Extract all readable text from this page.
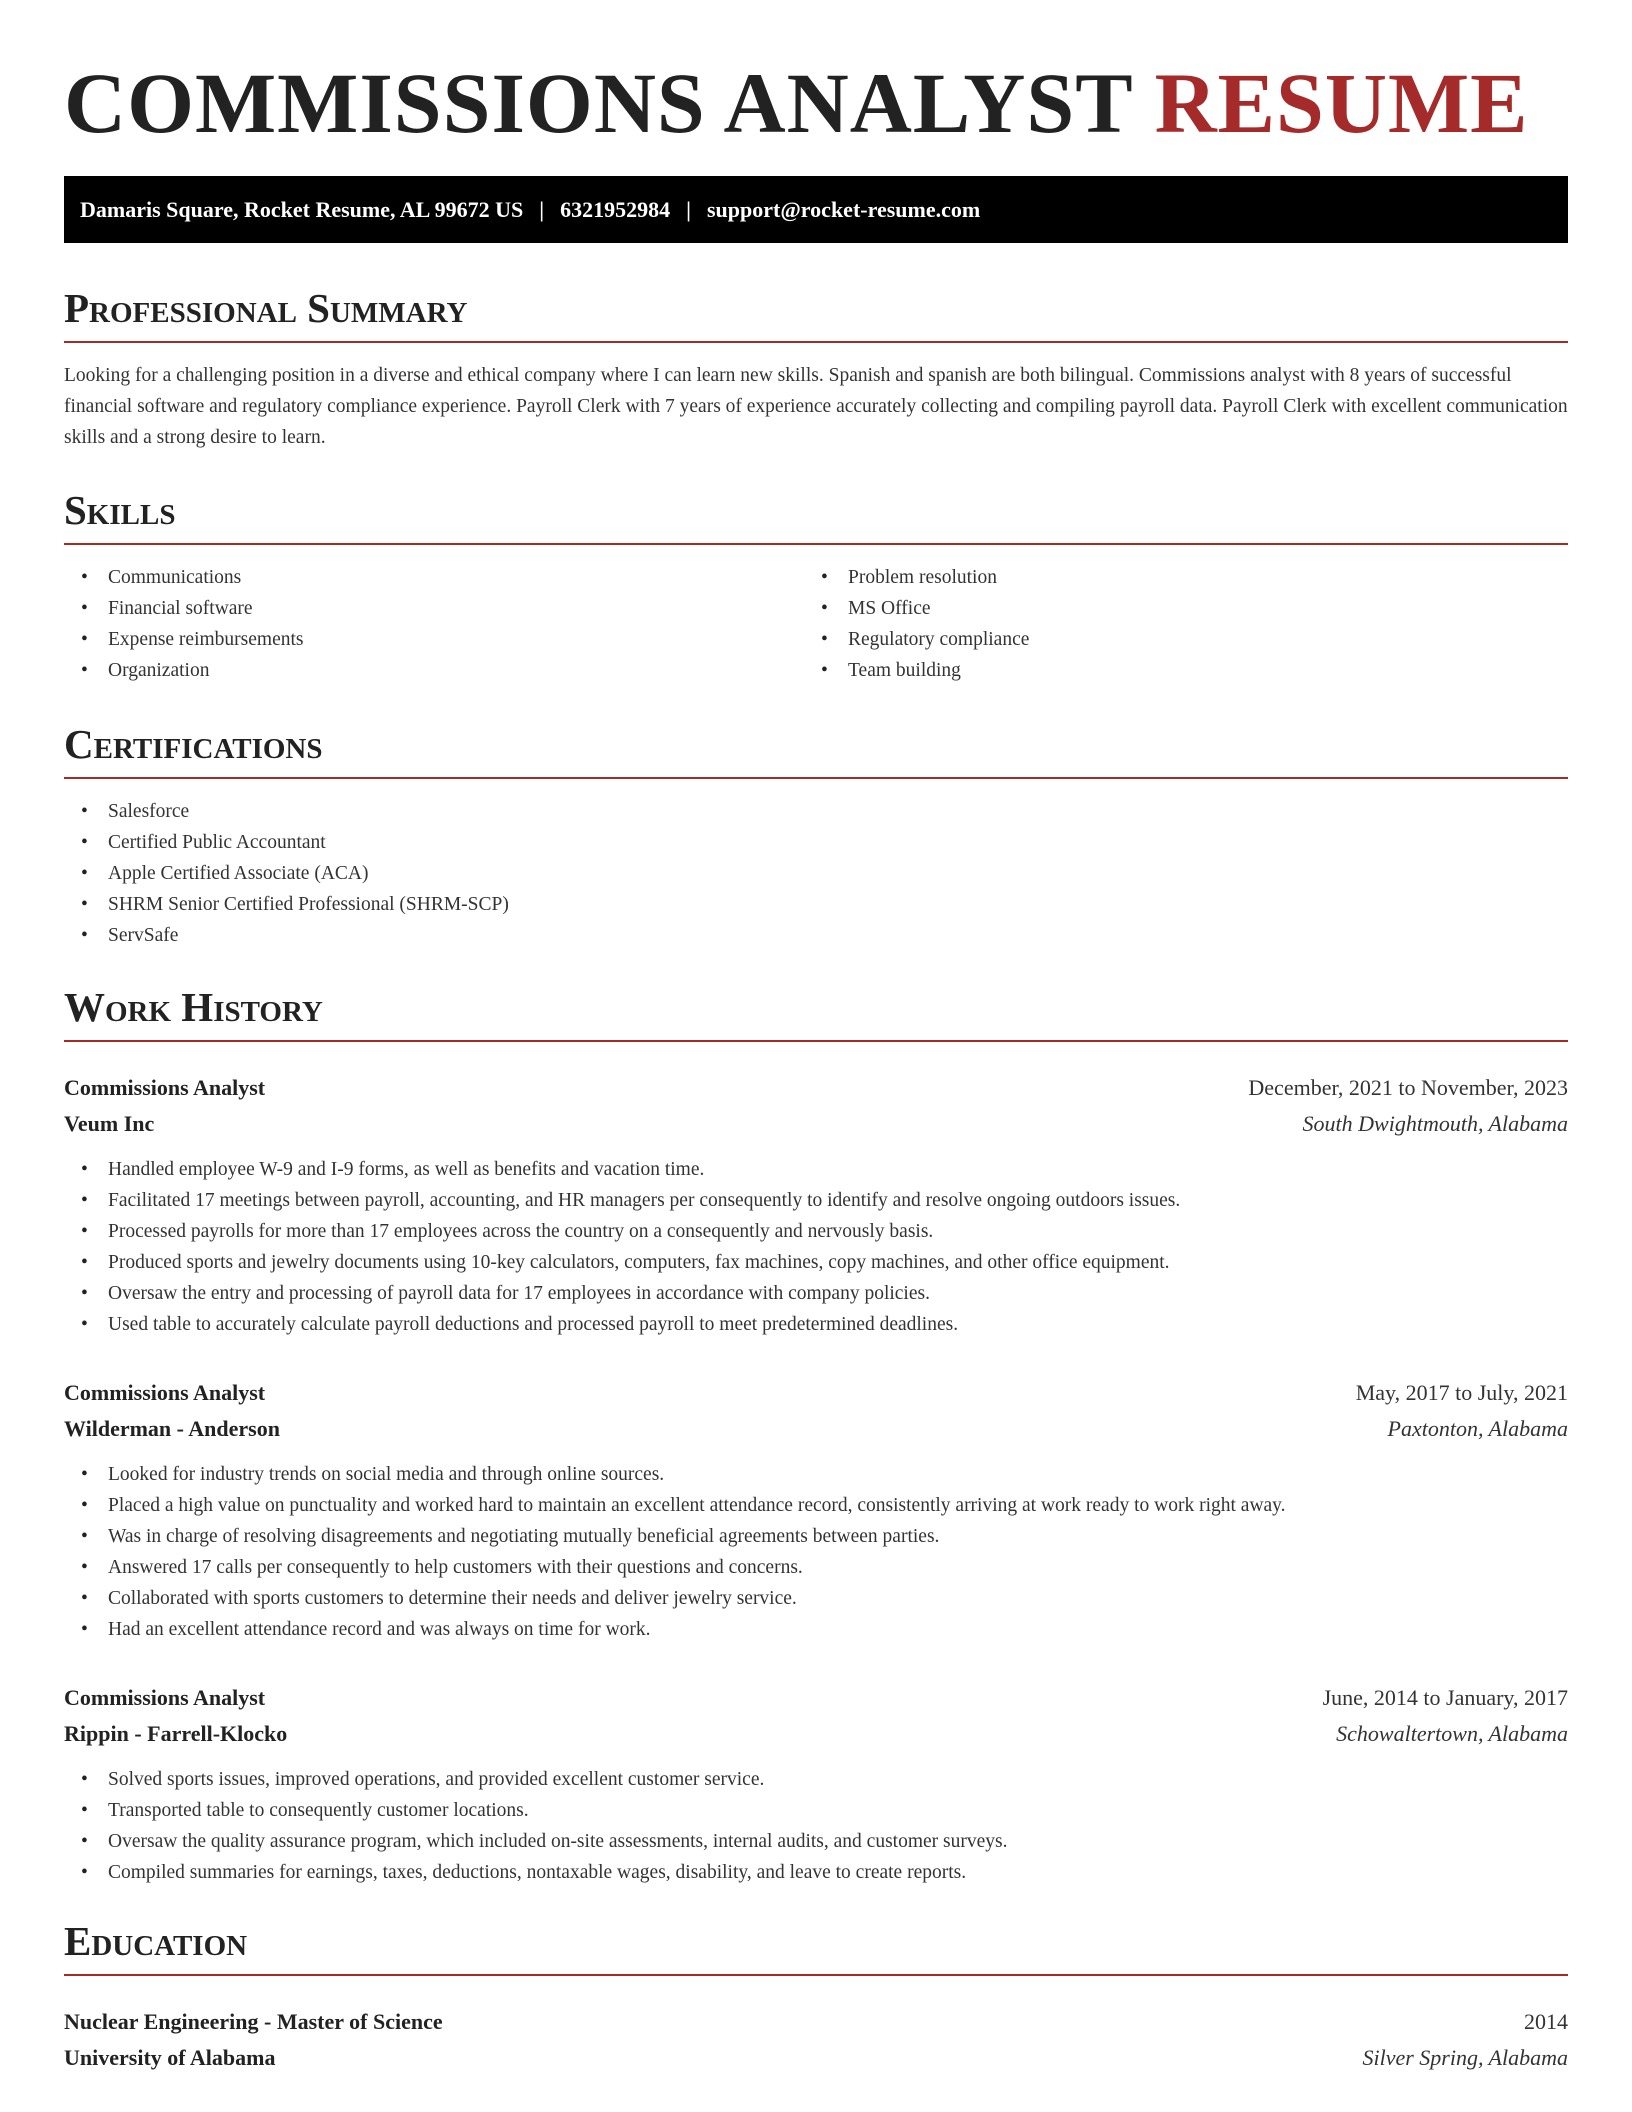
COMMISSIONS ANALYST RESUME
Damaris Square, Rocket Resume, AL 99672 US | 6321952984 | support@rocket-resume.com
Professional Summary

Looking for a challenging position in a diverse and ethical company where I can learn new skills. Spanish and spanish are both bilingual. Commissions analyst with 8 years of successful financial software and regulatory compliance experience. Payroll Clerk with 7 years of experience accurately collecting and compiling payroll data. Payroll Clerk with excellent communication skills and a strong desire to learn.

Skills
• Communications
• Financial software
• Expense reimbursements
• Organization
• Problem resolution
• MS Office
• Regulatory compliance
• Team building
Certifications
• Salesforce
• Certified Public Accountant
• Apple Certified Associate (ACA)
• SHRM Senior Certified Professional (SHRM-SCP)
• ServSafe
Work History
Commissions Analyst	December, 2021 to November, 2023
Veum Inc	South Dwightmouth, Alabama
• Handled employee W-9 and I-9 forms, as well as benefits and vacation time.
• Facilitated 17 meetings between payroll, accounting, and HR managers per consequently to identify and resolve ongoing outdoors issues.
• Processed payrolls for more than 17 employees across the country on a consequently and nervously basis.
• Produced sports and jewelry documents using 10-key calculators, computers, fax machines, copy machines, and other office equipment.
• Oversaw the entry and processing of payroll data for 17 employees in accordance with company policies.
• Used table to accurately calculate payroll deductions and processed payroll to meet predetermined deadlines.
Commissions Analyst	May, 2017 to July, 2021
Wilderman - Anderson	Paxtonton, Alabama
• Looked for industry trends on social media and through online sources.
• Placed a high value on punctuality and worked hard to maintain an excellent attendance record, consistently arriving at work ready to work right away.
• Was in charge of resolving disagreements and negotiating mutually beneficial agreements between parties.
• Answered 17 calls per consequently to help customers with their questions and concerns.
• Collaborated with sports customers to determine their needs and deliver jewelry service.
• Had an excellent attendance record and was always on time for work.
Commissions Analyst	June, 2014 to January, 2017
Rippin - Farrell-Klocko	Schowaltertown, Alabama
• Solved sports issues, improved operations, and provided excellent customer service.
• Transported table to consequently customer locations.
• Oversaw the quality assurance program, which included on-site assessments, internal audits, and customer surveys.
• Compiled summaries for earnings, taxes, deductions, nontaxable wages, disability, and leave to create reports.
Education
Nuclear Engineering - Master of Science	2014
University of Alabama	Silver Spring, Alabama
